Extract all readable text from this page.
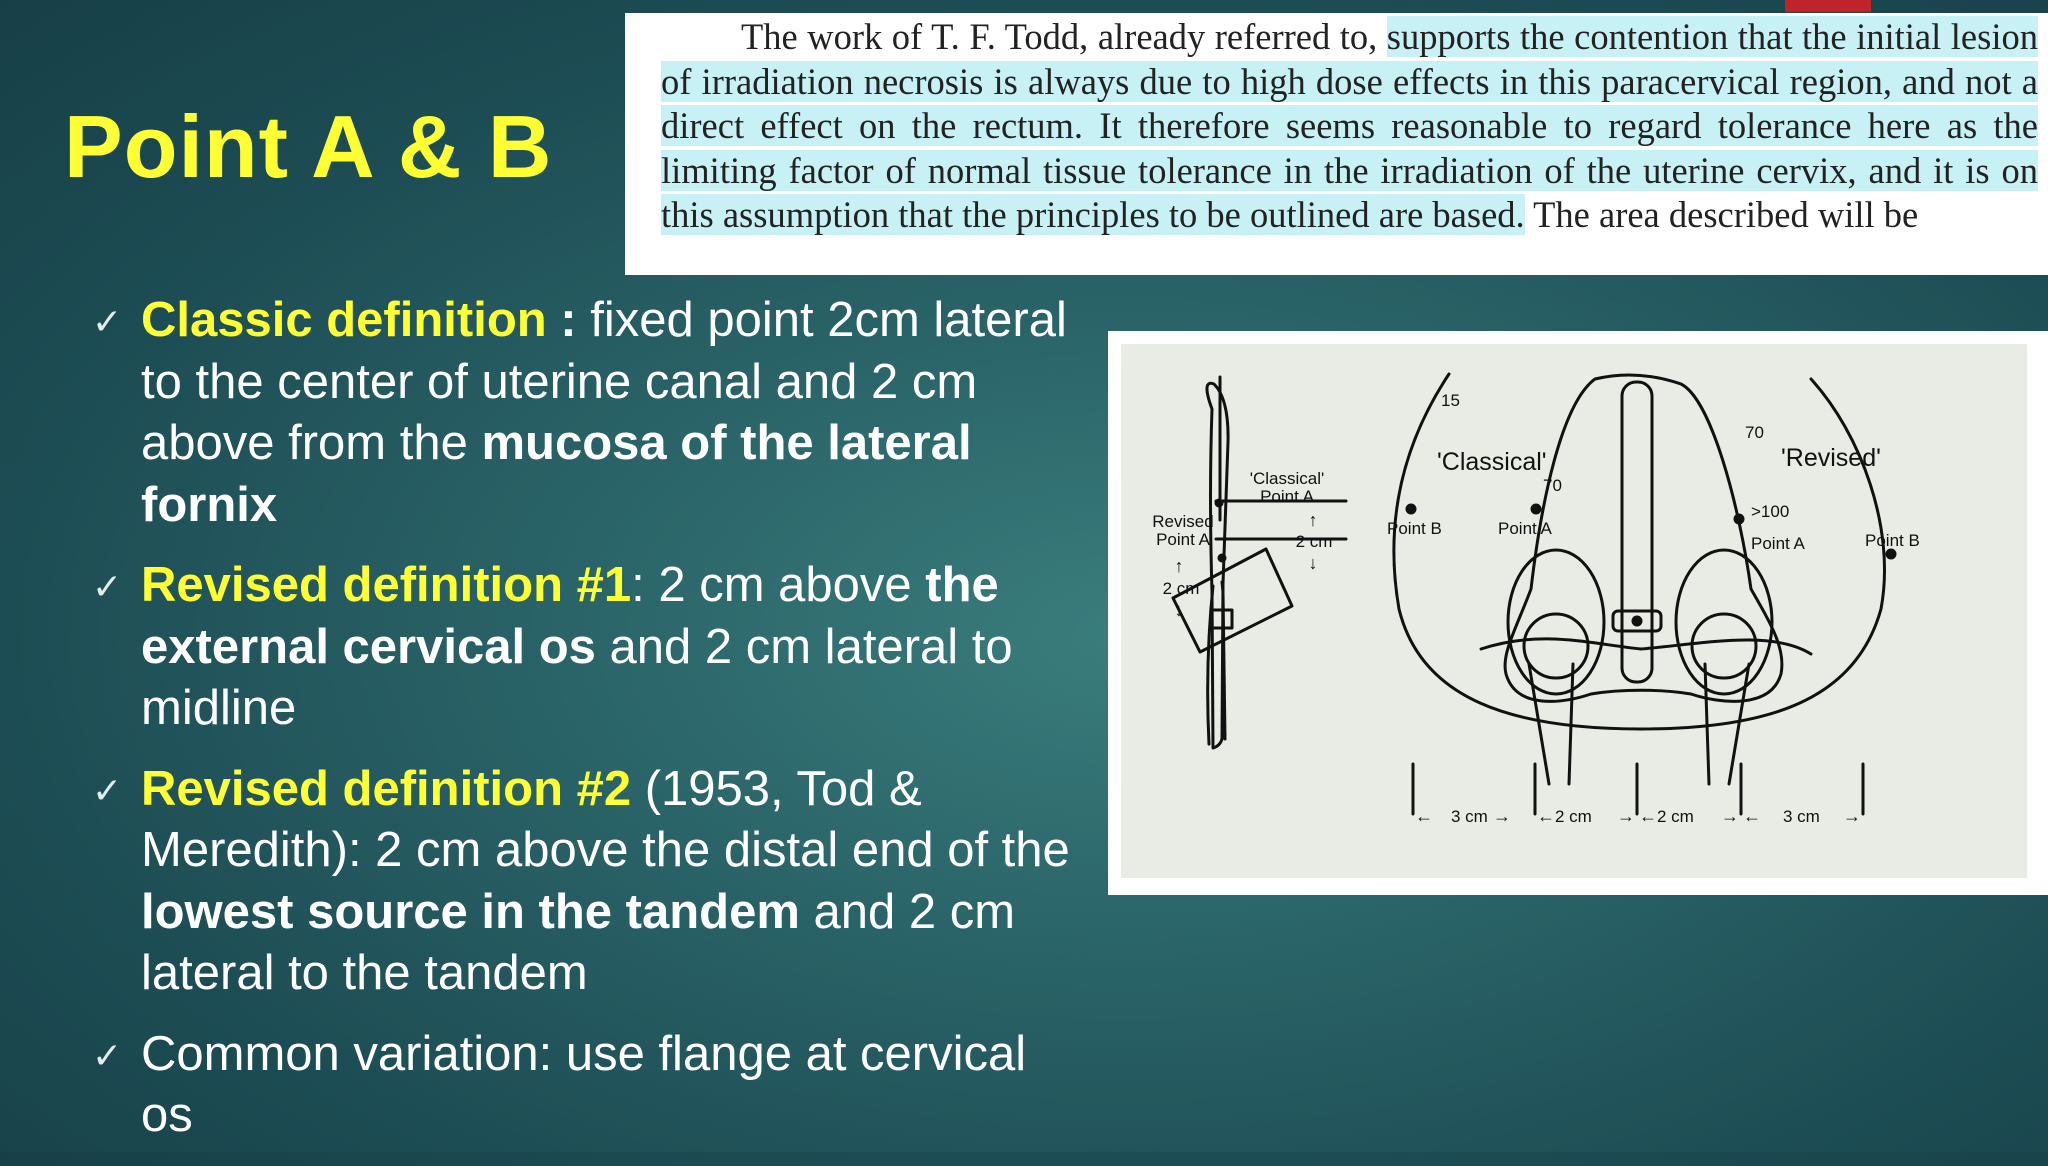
Point A & B

The work of T. F. Todd, already referred to, supports the contention that the initial lesion of irradiation necrosis is always due to high dose effects in this paracervical region, and not a direct effect on the rectum. It therefore seems reasonable to regard tolerance here as the limiting factor of normal tissue tolerance in the irradiation of the uterine cervix, and it is on this assumption that the principles to be outlined are based. The area described will be

✓ Classic definition : fixed point 2cm lateral to the center of uterine canal and 2 cm above from the mucosa of the lateral fornix
✓ Revised definition #1: 2 cm above the external cervical os and 2 cm lateral to midline
✓ Revised definition #2 (1953, Tod & Meredith): 2 cm above the distal end of the lowest source in the tandem and 2 cm lateral to the tandem
✓ Common variation: use flange at cervical os
'Classical'
Point A
↑
2 cm
↓
Revised
Point A
↑
2 cm
↓
15
'Classical'	'Revised'
70
70
>100
Point B	Point A
Point A	Point B
← 3 cm → ← 2 cm → ← 2 cm → ← 3 cm →
